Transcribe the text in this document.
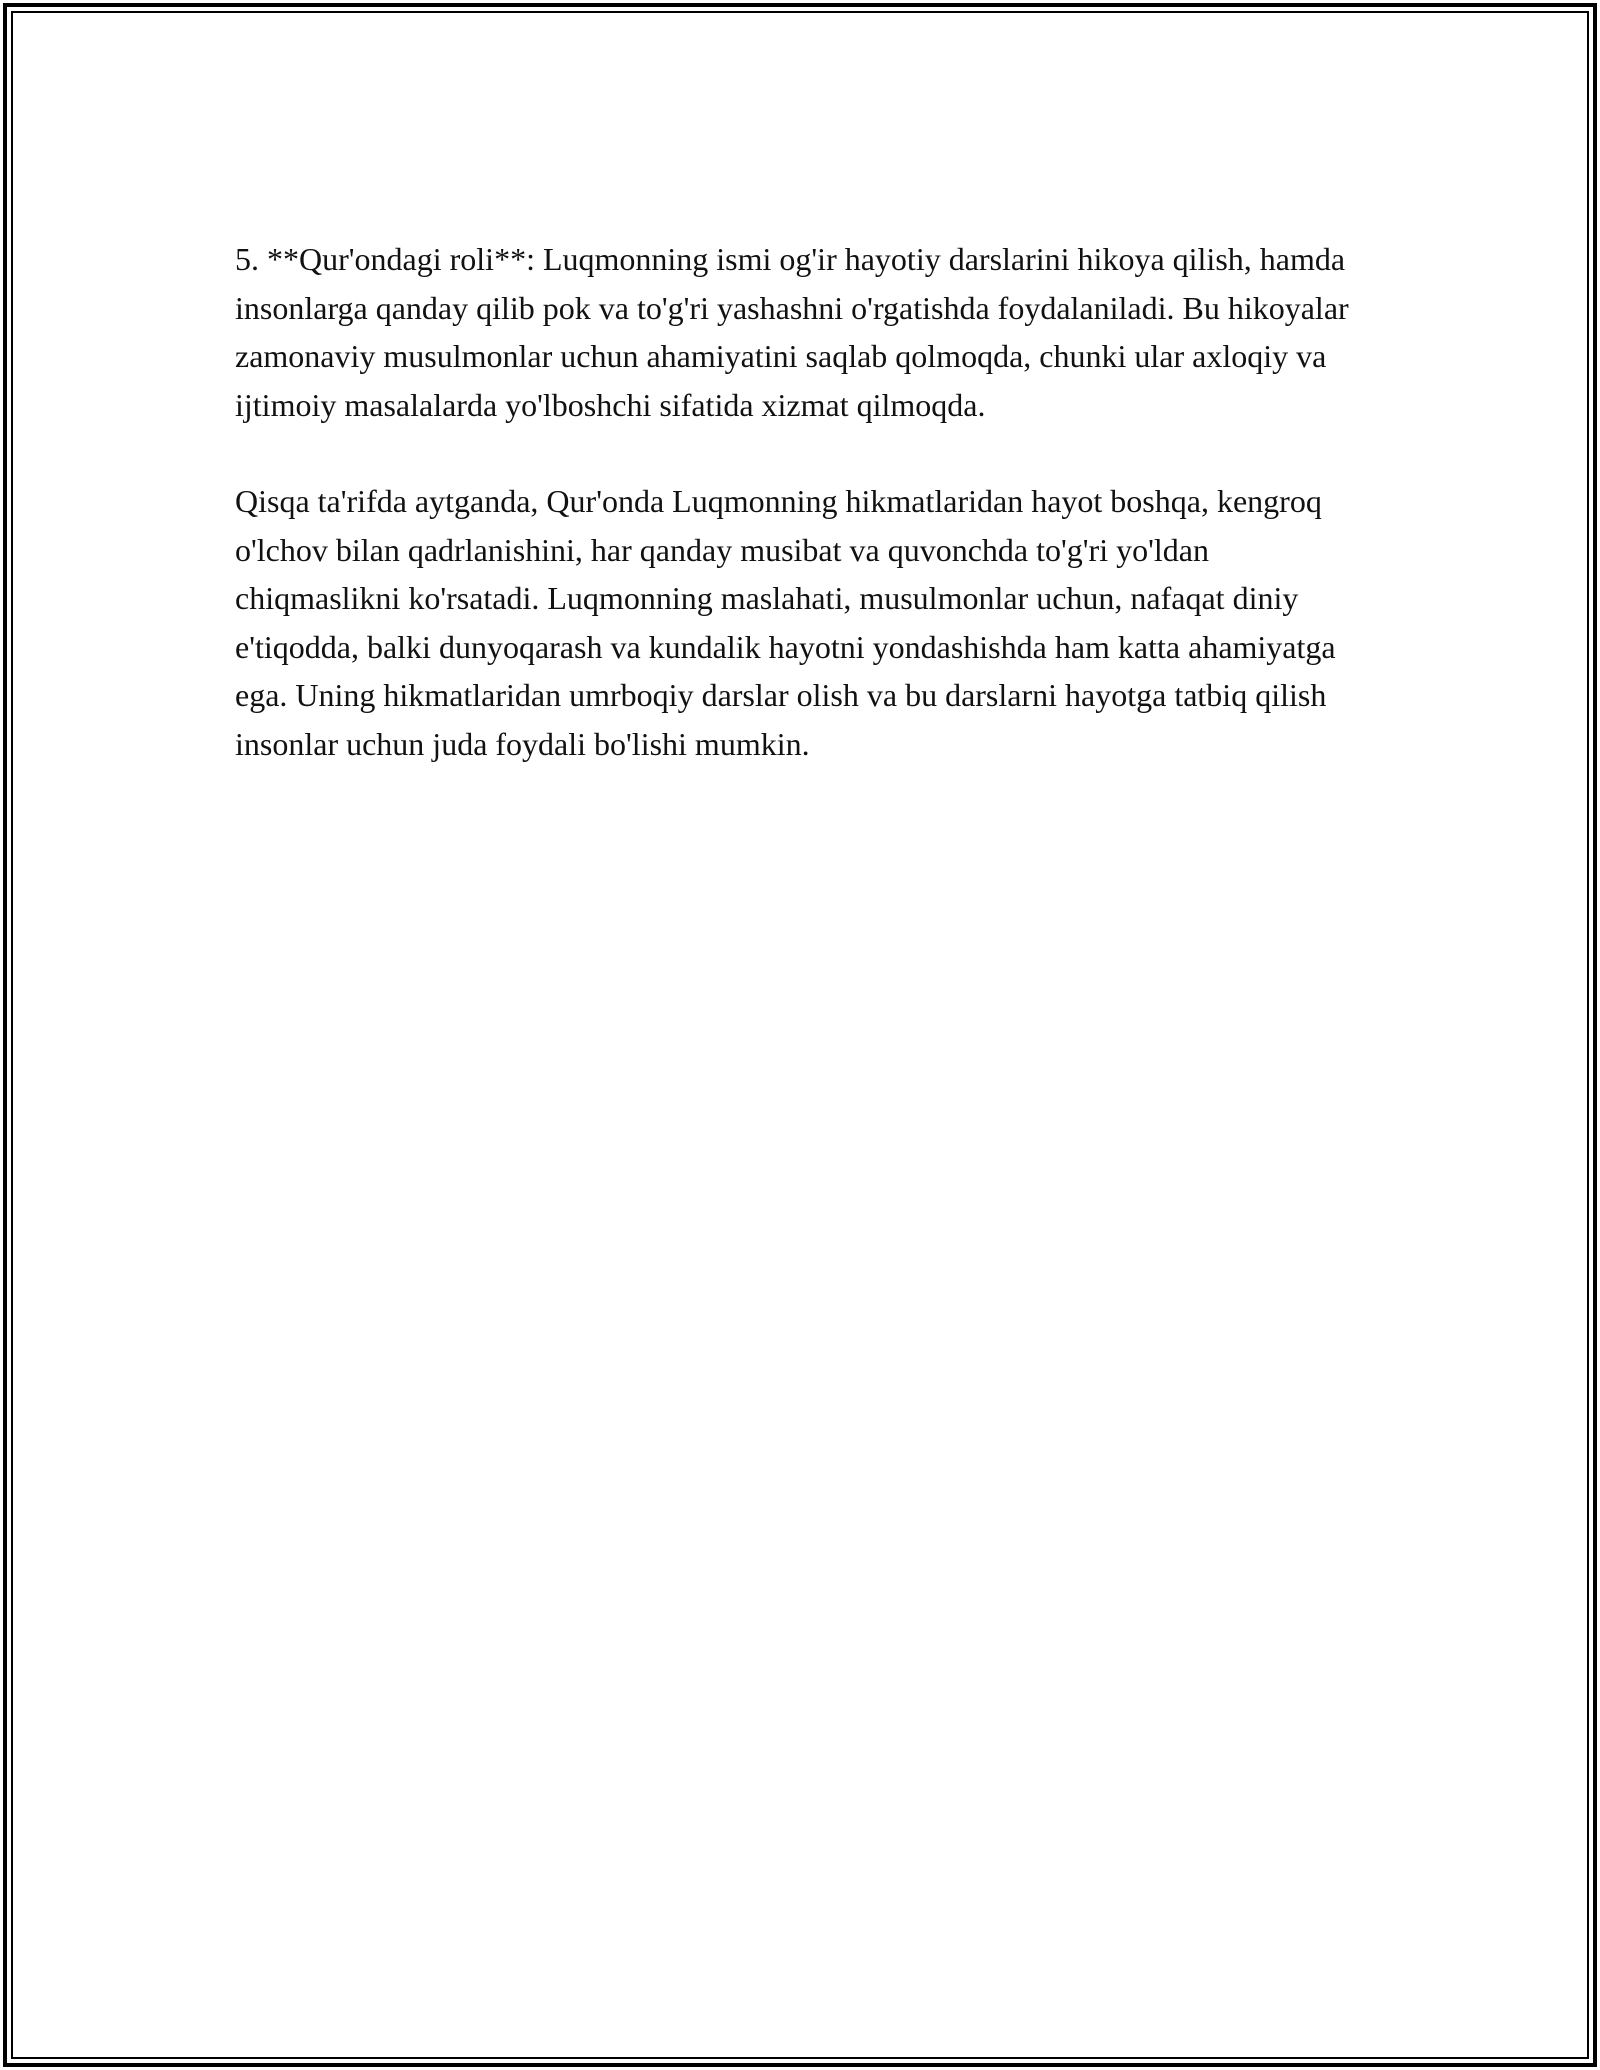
5. **Qur'ondagi roli**: Luqmonning ismi og'ir hayotiy darslarini hikoya qilish, hamda insonlarga qanday qilib pok va to'g'ri yashashni o'rgatishda foydalaniladi. Bu hikoyalar zamonaviy musulmonlar uchun ahamiyatini saqlab qolmoqda, chunki ular axloqiy va ijtimoiy masalalarda yo'lboshchi sifatida xizmat qilmoqda.

Qisqa ta'rifda aytganda, Qur'onda Luqmonning hikmatlaridan hayot boshqa, kengroq o'lchov bilan qadrlanishini, har qanday musibat va quvonchda to'g'ri yo'ldan chiqmaslikni ko'rsatadi. Luqmonning maslahati, musulmonlar uchun, nafaqat diniy e'tiqodda, balki dunyoqarash va kundalik hayotni yondashishda ham katta ahamiyatga ega. Uning hikmatlaridan umrboqiy darslar olish va bu darslarni hayotga tatbiq qilish insonlar uchun juda foydali bo'lishi mumkin.
